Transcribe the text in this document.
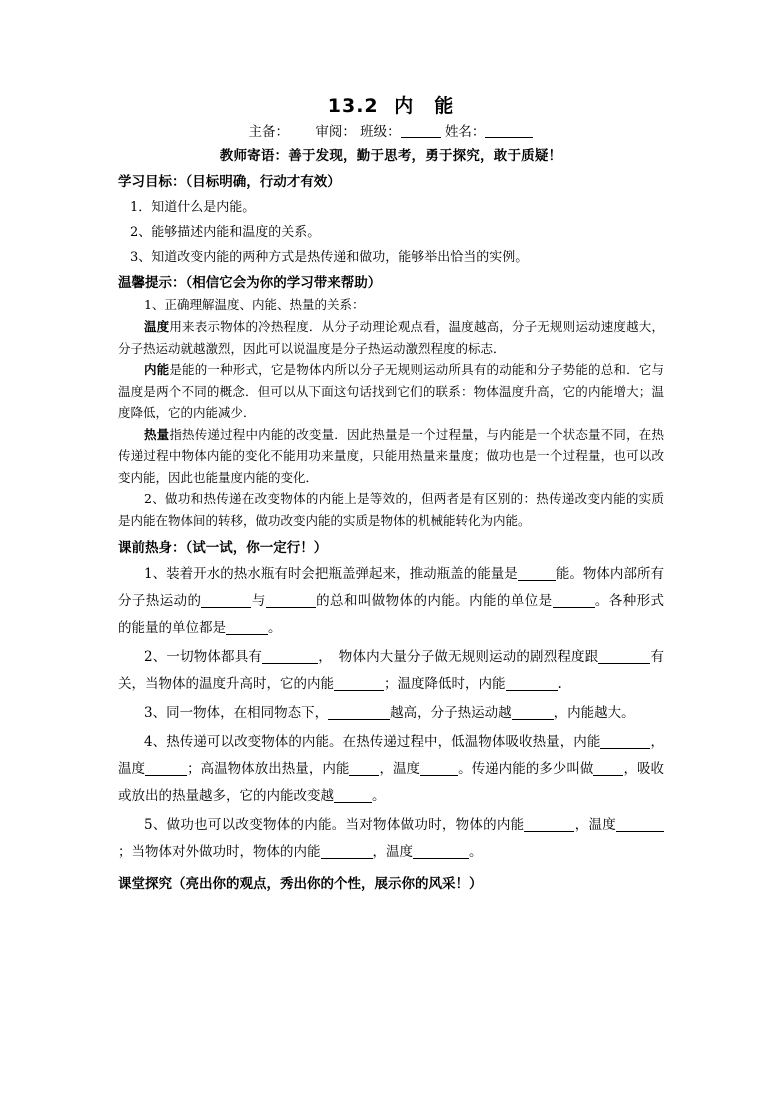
13.2 内　能
主备： 审阅： 班级：	姓名：
教师寄语：善于发现，勤于思考，勇于探究，敢于质疑！
学习目标：（目标明确，行动才有效）
1．知道什么是内能。
2、能够描述内能和温度的关系。
3、知道改变内能的两种方式是热传递和做功，能够举出恰当的实例。
温馨提示：（相信它会为你的学习带来帮助）
1、正确理解温度、内能、热量的关系：

温度用来表示物体的冷热程度．从分子动理论观点看，温度越高，分子无规则运动速度越大，分子热运动就越激烈，因此可以说温度是分子热运动激烈程度的标志．

内能是能的一种形式，它是物体内所以分子无规则运动所具有的动能和分子势能的总和．它与温度是两个不同的概念．但可以从下面这句话找到它们的联系：物体温度升高，它的内能增大；温度降低，它的内能减少．

热量指热传递过程中内能的改变量．因此热量是一个过程量，与内能是一个状态量不同，在热传递过程中物体内能的变化不能用功来量度，只能用热量来量度；做功也是一个过程量，也可以改变内能，因此也能量度内能的变化．

2、做功和热传递在改变物体的内能上是等效的，但两者是有区别的：热传递改变内能的实质是内能在物体间的转移，做功改变内能的实质是物体的机械能转化为内能。

课前热身：（试一试，你一定行！）

1、装着开水的热水瓶有时会把瓶盖弹起来，推动瓶盖的能量是	能。物体内部所有分子热运动的	与	的总和叫做物体的内能。内能的单位是	。各种形式的能量的单位都是	。

2、一切物体都具有	，　物体内大量分子做无规则运动的剧烈程度跟	有关，当物体的温度升高时，它的内能	；温度降低时，内能	.

3、同一物体，在相同物态下，	越高，分子热运动越	，内能越大。

4、热传递可以改变物体的内能。在热传递过程中，低温物体吸收热量，内能	，温度	；高温物体放出热量，内能 ，温度	。传递内能的多少叫做 ，吸收或放出的热量越多，它的内能改变越	。

5、做功也可以改变物体的内能。当对物体做功时，物体的内能	，温度；当物体对外做功时，物体的内能	，温度	。

课堂探究（亮出你的观点，秀出你的个性，展示你的风采！）
